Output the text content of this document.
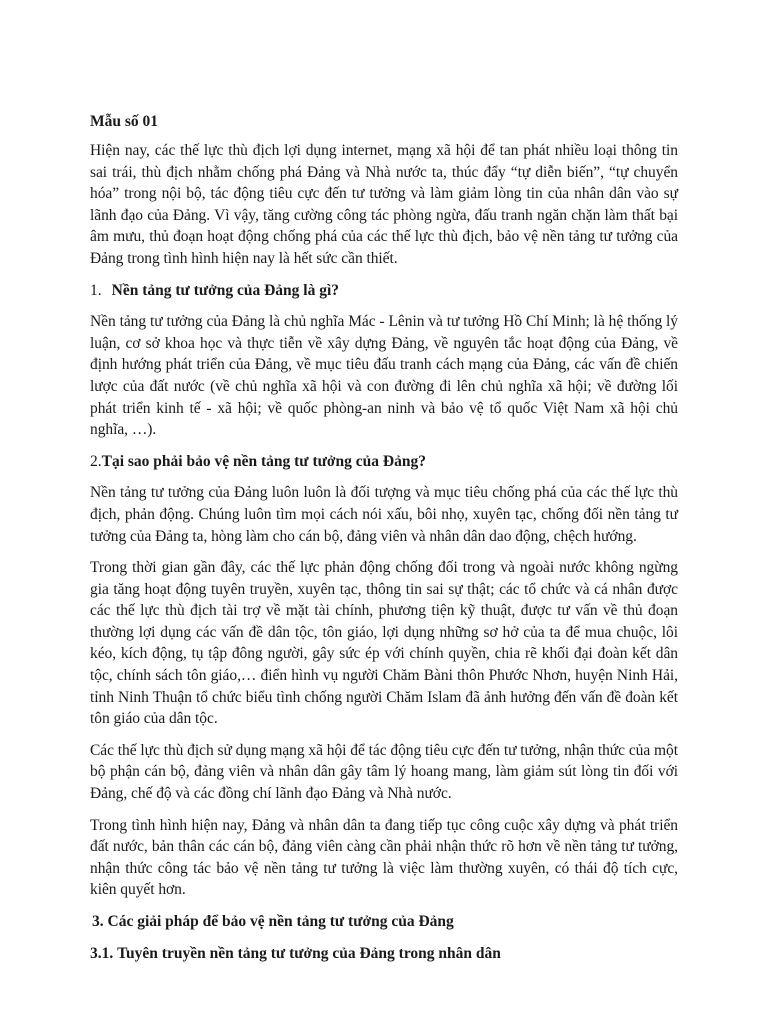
Mẫu số 01

Hiện nay, các thế lực thù địch lợi dụng internet, mạng xã hội để tan phát nhiều loại thông tin sai trái, thù địch nhằm chống phá Đảng và Nhà nước ta, thúc đẩy “tự diễn biến”, “tự chuyển hóa” trong nội bộ, tác động tiêu cực đến tư tưởng và làm giảm lòng tin của nhân dân vào sự lãnh đạo của Đảng. Vì vậy, tăng cường công tác phòng ngừa, đấu tranh ngăn chặn làm thất bại âm mưu, thủ đoạn hoạt động chống phá của các thế lực thù địch, bảo vệ nền tảng tư tưởng của Đảng trong tình hình hiện nay là hết sức cần thiết.

1. Nền tảng tư tưởng của Đảng là gì?

Nền tảng tư tưởng của Đảng là chủ nghĩa Mác - Lênin và tư tưởng Hồ Chí Minh; là hệ thống lý luận, cơ sở khoa học và thực tiễn về xây dựng Đảng, về nguyên tắc hoạt động của Đảng, về định hướng phát triển của Đảng, về mục tiêu đấu tranh cách mạng của Đảng, các vấn đề chiến lược của đất nước (về chủ nghĩa xã hội và con đường đi lên chủ nghĩa xã hội; về đường lối phát triển kinh tế - xã hội; về quốc phòng-an ninh và bảo vệ tổ quốc Việt Nam xã hội chủ nghĩa, …).

2.Tại sao phải bảo vệ nền tảng tư tưởng của Đảng?

Nền tảng tư tưởng của Đảng luôn luôn là đối tượng và mục tiêu chống phá của các thế lực thù địch, phản động. Chúng luôn tìm mọi cách nói xấu, bôi nhọ, xuyên tạc, chống đối nền tảng tư tưởng của Đảng ta, hòng làm cho cán bộ, đảng viên và nhân dân dao động, chệch hướng.

Trong thời gian gần đây, các thế lực phản động chống đối trong và ngoài nước không ngừng gia tăng hoạt động tuyên truyền, xuyên tạc, thông tin sai sự thật; các tổ chức và cá nhân được các thế lực thù địch tài trợ về mặt tài chính, phương tiện kỹ thuật, được tư vấn về thủ đoạn thường lợi dụng các vấn đề dân tộc, tôn giáo, lợi dụng những sơ hở của ta để mua chuộc, lôi kéo, kích động, tụ tập đông người, gây sức ép với chính quyền, chia rẽ khối đại đoàn kết dân tộc, chính sách tôn giáo,… điển hình vụ người Chăm Bàni thôn Phước Nhơn, huyện Ninh Hải, tỉnh Ninh Thuận tổ chức biểu tình chống người Chăm Islam đã ảnh hưởng đến vấn đề đoàn kết tôn giáo của dân tộc.

Các thế lực thù địch sử dụng mạng xã hội để tác động tiêu cực đến tư tưởng, nhận thức của một bộ phận cán bộ, đảng viên và nhân dân gây tâm lý hoang mang, làm giảm sút lòng tin đối với Đảng, chế độ và các đồng chí lãnh đạo Đảng và Nhà nước.

Trong tình hình hiện nay, Đảng và nhân dân ta đang tiếp tục công cuộc xây dựng và phát triển đất nước, bản thân các cán bộ, đảng viên càng cần phải nhận thức rõ hơn về nền tảng tư tưởng, nhận thức công tác bảo vệ nền tảng tư tưởng là việc làm thường xuyên, có thái độ tích cực, kiên quyết hơn.

3. Các giải pháp để bảo vệ nền tảng tư tưởng của Đảng
3.1. Tuyên truyền nền tảng tư tưởng của Đảng trong nhân dân
